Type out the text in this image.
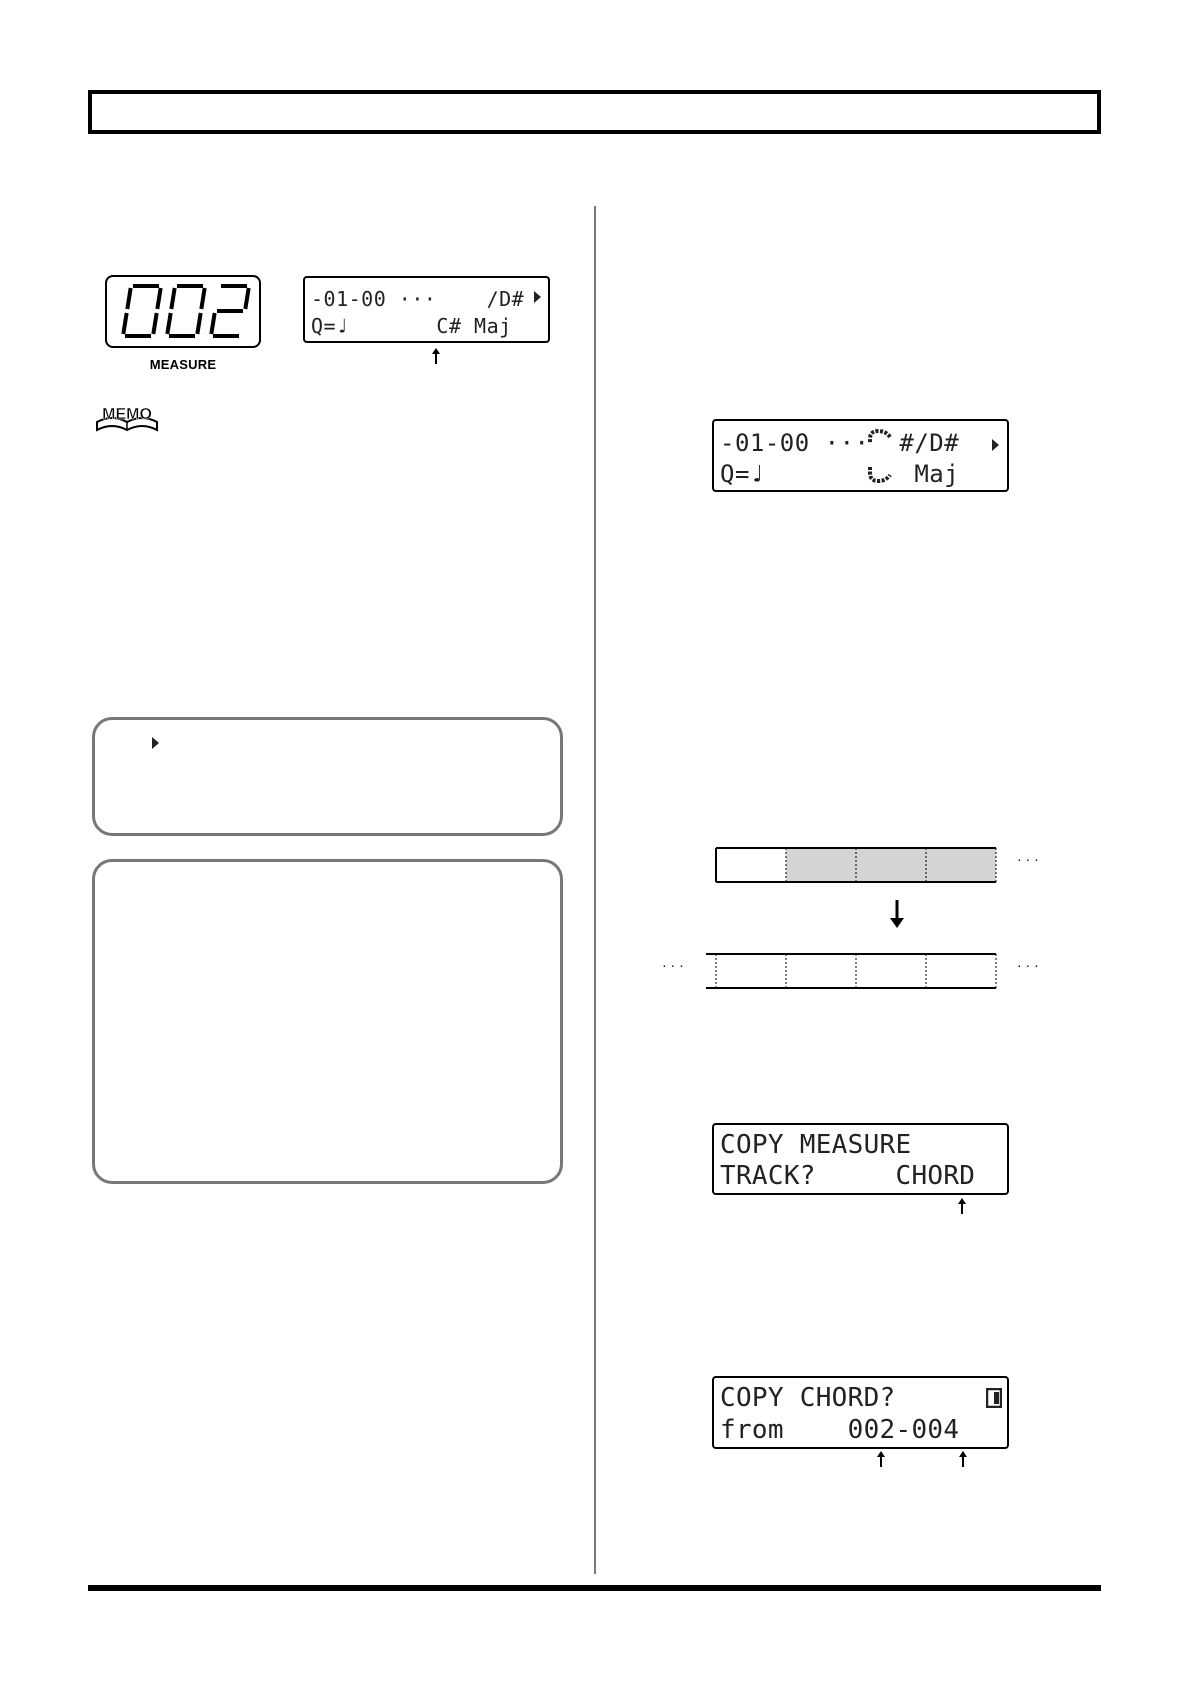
MEASURE
-01-00 ···    ∕D#
Q=♩       C# Maj
MEMO
-01-00 ···  #∕D#
Q=♩          Maj
· · ·
· · ·	· · ·
COPY MEASURE
TRACK?     CHORD
COPY CHORD?
from    002-004
